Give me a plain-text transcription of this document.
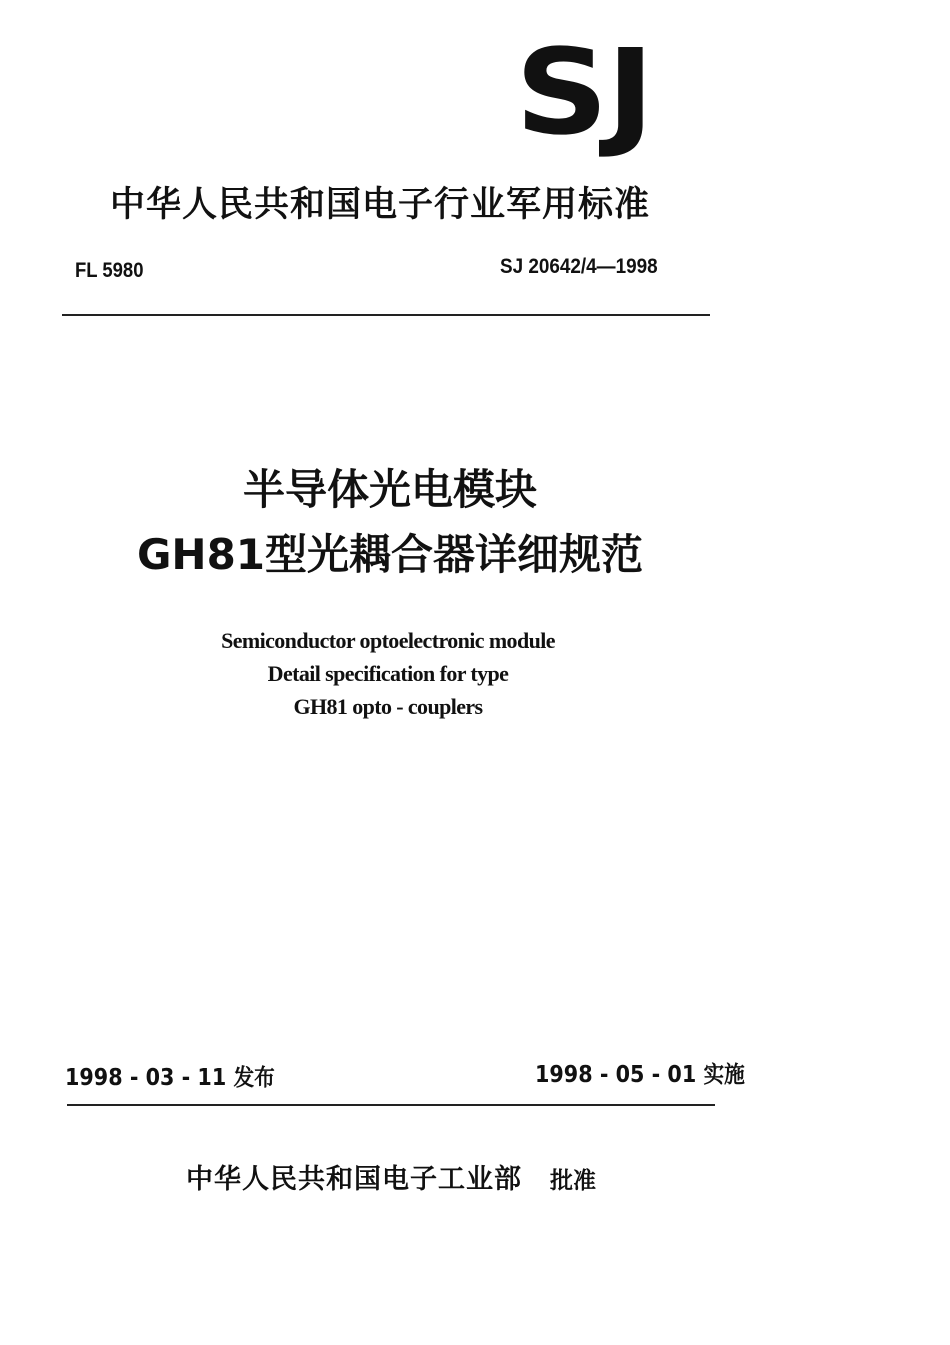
SJ
中华人民共和国电子行业军用标准
FL 5980	SJ 20642/4—1998
半导体光电模块
GH81型光耦合器详细规范
Semiconductor optoelectronic module
Detail specification for type
GH81 opto - couplers
1998 - 03 - 11 发布	1998 - 05 - 01 实施
中华人民共和国电子工业部 批准
